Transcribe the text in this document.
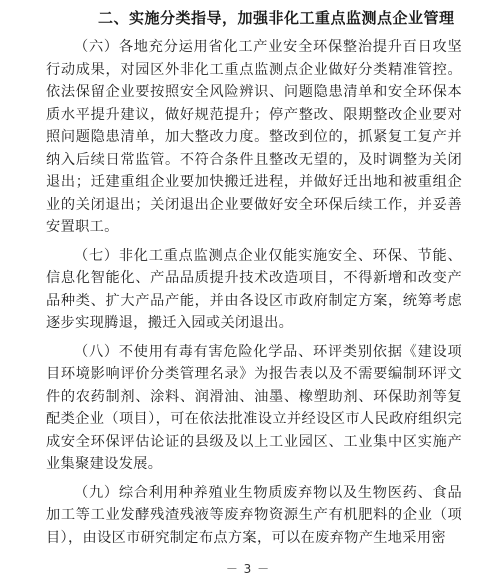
二、实施分类指导，加强非化工重点监测点企业管理

（六）各地充分运用省化工产业安全环保整治提升百日攻坚行动成果，对园区外非化工重点监测点企业做好分类精准管控。依法保留企业要按照安全风险辨识、问题隐患清单和安全环保本质水平提升建议，做好规范提升；停产整改、限期整改企业要对照问题隐患清单，加大整改力度。整改到位的，抓紧复工复产并纳入后续日常监管。不符合条件且整改无望的，及时调整为关闭退出；迁建重组企业要加快搬迁进程，并做好迁出地和被重组企业的关闭退出；关闭退出企业要做好安全环保后续工作，并妥善安置职工。

（七）非化工重点监测点企业仅能实施安全、环保、节能、信息化智能化、产品品质提升技术改造项目，不得新增和改变产品种类、扩大产品产能，并由各设区市政府制定方案，统筹考虑逐步实现腾退，搬迁入园或关闭退出。

（八）不使用有毒有害危险化学品、环评类别依据《建设项目环境影响评价分类管理名录》为报告表以及不需要编制环评文件的农药制剂、涂料、润滑油、油墨、橡塑助剂、环保助剂等复配类企业（项目），可在依法批准设立并经设区市人民政府组织完成安全环保评估论证的县级及以上工业园区、工业集中区实施产业集聚建设发展。

（九）综合利用种养殖业生物质废弃物以及生物医药、食品加工等工业发酵残渣残液等废弃物资源生产有机肥料的企业（项目），由设区市研究制定布点方案，可以在废弃物产生地采用密

－ 3 －
